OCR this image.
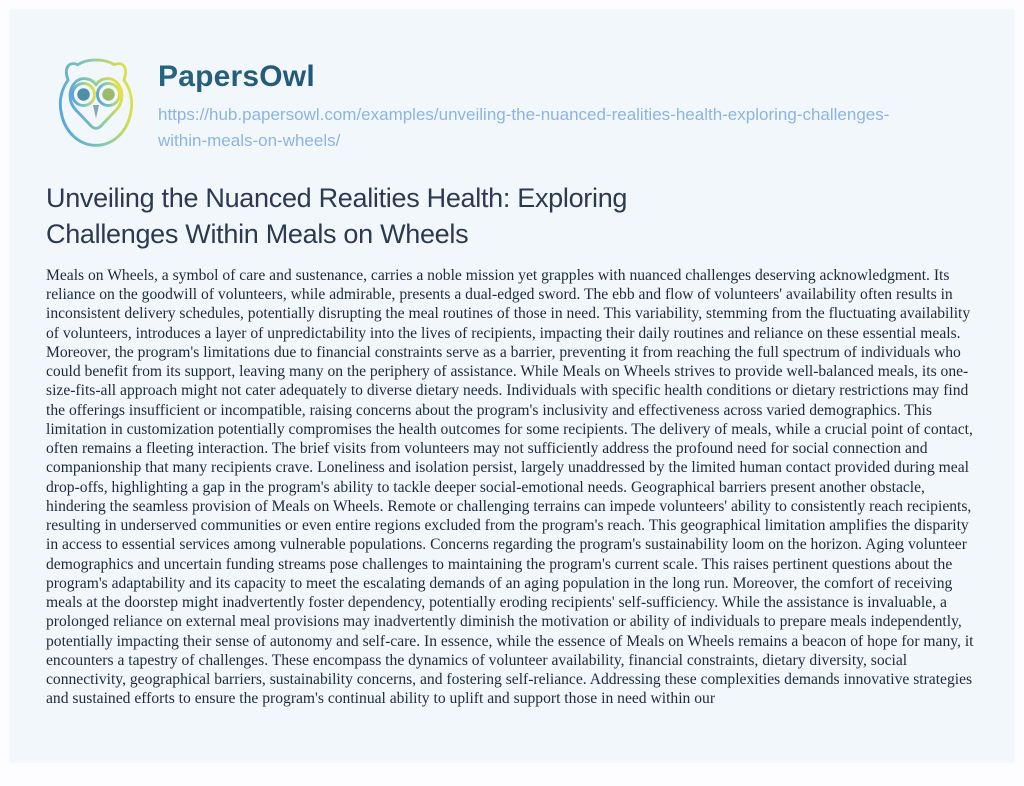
PapersOwl
https://hub.papersowl.com/examples/unveiling-the-nuanced-realities-health-exploring-challenges-within-meals-on-wheels/
Unveiling the Nuanced Realities Health: Exploring Challenges Within Meals on Wheels

Meals on Wheels, a symbol of care and sustenance, carries a noble mission yet grapples with nuanced challenges deserving acknowledgment. Its reliance on the goodwill of volunteers, while admirable, presents a dual-edged sword. The ebb and flow of volunteers' availability often results in inconsistent delivery schedules, potentially disrupting the meal routines of those in need. This variability, stemming from the fluctuating availability of volunteers, introduces a layer of unpredictability into the lives of recipients, impacting their daily routines and reliance on these essential meals. Moreover, the program's limitations due to financial constraints serve as a barrier, preventing it from reaching the full spectrum of individuals who could benefit from its support, leaving many on the periphery of assistance. While Meals on Wheels strives to provide well-balanced meals, its one-size-fits-all approach might not cater adequately to diverse dietary needs. Individuals with specific health conditions or dietary restrictions may find the offerings insufficient or incompatible, raising concerns about the program's inclusivity and effectiveness across varied demographics. This limitation in customization potentially compromises the health outcomes for some recipients. The delivery of meals, while a crucial point of contact, often remains a fleeting interaction. The brief visits from volunteers may not sufficiently address the profound need for social connection and companionship that many recipients crave. Loneliness and isolation persist, largely unaddressed by the limited human contact provided during meal drop-offs, highlighting a gap in the program's ability to tackle deeper social-emotional needs. Geographical barriers present another obstacle, hindering the seamless provision of Meals on Wheels. Remote or challenging terrains can impede volunteers' ability to consistently reach recipients, resulting in underserved communities or even entire regions excluded from the program's reach. This geographical limitation amplifies the disparity in access to essential services among vulnerable populations. Concerns regarding the program's sustainability loom on the horizon. Aging volunteer demographics and uncertain funding streams pose challenges to maintaining the program's current scale. This raises pertinent questions about the program's adaptability and its capacity to meet the escalating demands of an aging population in the long run. Moreover, the comfort of receiving meals at the doorstep might inadvertently foster dependency, potentially eroding recipients' self-sufficiency. While the assistance is invaluable, a prolonged reliance on external meal provisions may inadvertently diminish the motivation or ability of individuals to prepare meals independently, potentially impacting their sense of autonomy and self-care. In essence, while the essence of Meals on Wheels remains a beacon of hope for many, it encounters a tapestry of challenges. These encompass the dynamics of volunteer availability, financial constraints, dietary diversity, social connectivity, geographical barriers, sustainability concerns, and fostering self-reliance. Addressing these complexities demands innovative strategies and sustained efforts to ensure the program's continual ability to uplift and support those in need within our
